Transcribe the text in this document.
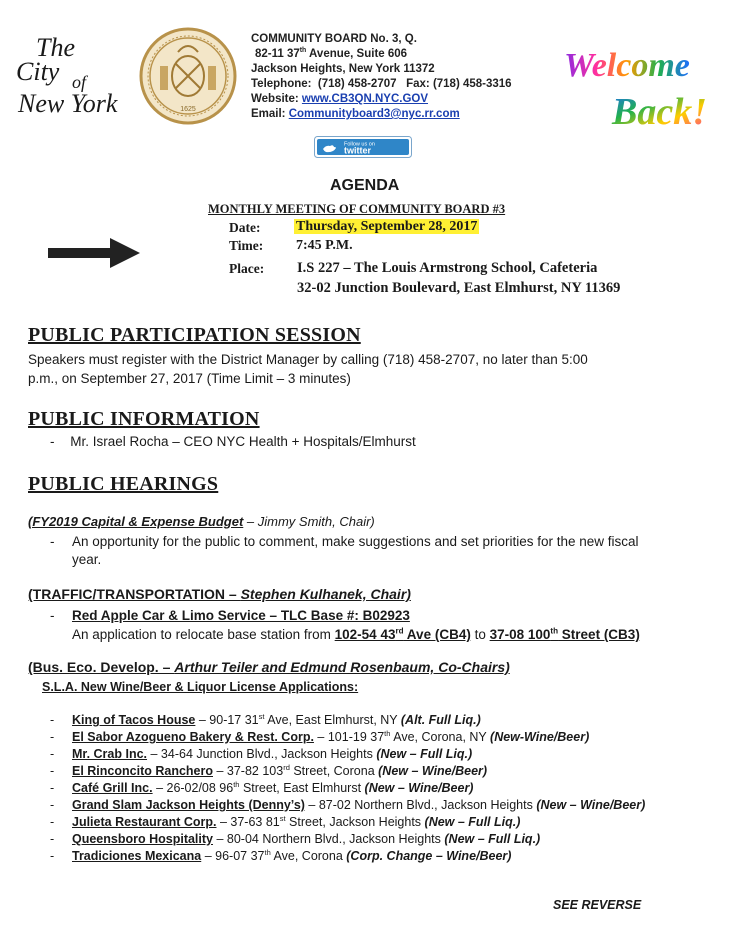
The
City of
New York	1625
COMMUNITY BOARD No. 3, Q.
82-11 37th Avenue, Suite 606
Jackson Heights, New York 11372
Telephone:  (718) 458-2707   Fax: (718) 458-3316
Website: www.CB3QN.NYC.GOV
Email: Communityboard3@nyc.rr.com
Welcome
Back!
Follow us on
twitter
AGENDA
MONTHLY MEETING OF COMMUNITY BOARD #3
Date:	Thursday, September 28, 2017
Time: 7:45 P.M.
Place: I.S 227 – The Louis Armstrong School, Cafeteria
32-02 Junction Boulevard, East Elmhurst, NY 11369
PUBLIC PARTICIPATION SESSION
Speakers must register with the District Manager by calling (718) 458-2707, no later than 5:00
p.m., on September 27, 2017 (Time Limit – 3 minutes)
PUBLIC INFORMATION
- Mr. Israel Rocha – CEO NYC Health + Hospitals/Elmhurst
PUBLIC HEARINGS
(FY2019 Capital & Expense Budget – Jimmy Smith, Chair)
- An opportunity for the public to comment, make suggestions and set priorities for the new fiscal
year.
(TRAFFIC/TRANSPORTATION – Stephen Kulhanek, Chair)
- Red Apple Car & Limo Service – TLC Base #: B02923
An application to relocate base station from 102-54 43rd Ave (CB4) to 37-08 100th Street (CB3)
(Bus. Eco. Develop. – Arthur Teiler and Edmund Rosenbaum, Co-Chairs)
S.L.A. New Wine/Beer & Liquor License Applications:
- King of Tacos House – 90-17 31st Ave, East Elmhurst, NY (Alt. Full Liq.)
- El Sabor Azogueno Bakery & Rest. Corp. – 101-19 37th Ave, Corona, NY (New-Wine/Beer)
- Mr. Crab Inc. – 34-64 Junction Blvd., Jackson Heights (New – Full Liq.)
- El Rinconcito Ranchero – 37-82 103rd Street, Corona (New – Wine/Beer)
- Café Grill Inc. – 26-02/08 96th Street, East Elmhurst (New – Wine/Beer)
- Grand Slam Jackson Heights (Denny’s) – 87-02 Northern Blvd., Jackson Heights (New – Wine/Beer)
- Julieta Restaurant Corp. – 37-63 81st Street, Jackson Heights (New – Full Liq.)
- Queensboro Hospitality – 80-04 Northern Blvd., Jackson Heights (New – Full Liq.)
- Tradiciones Mexicana – 96-07 37th Ave, Corona (Corp. Change – Wine/Beer)
SEE REVERSE
